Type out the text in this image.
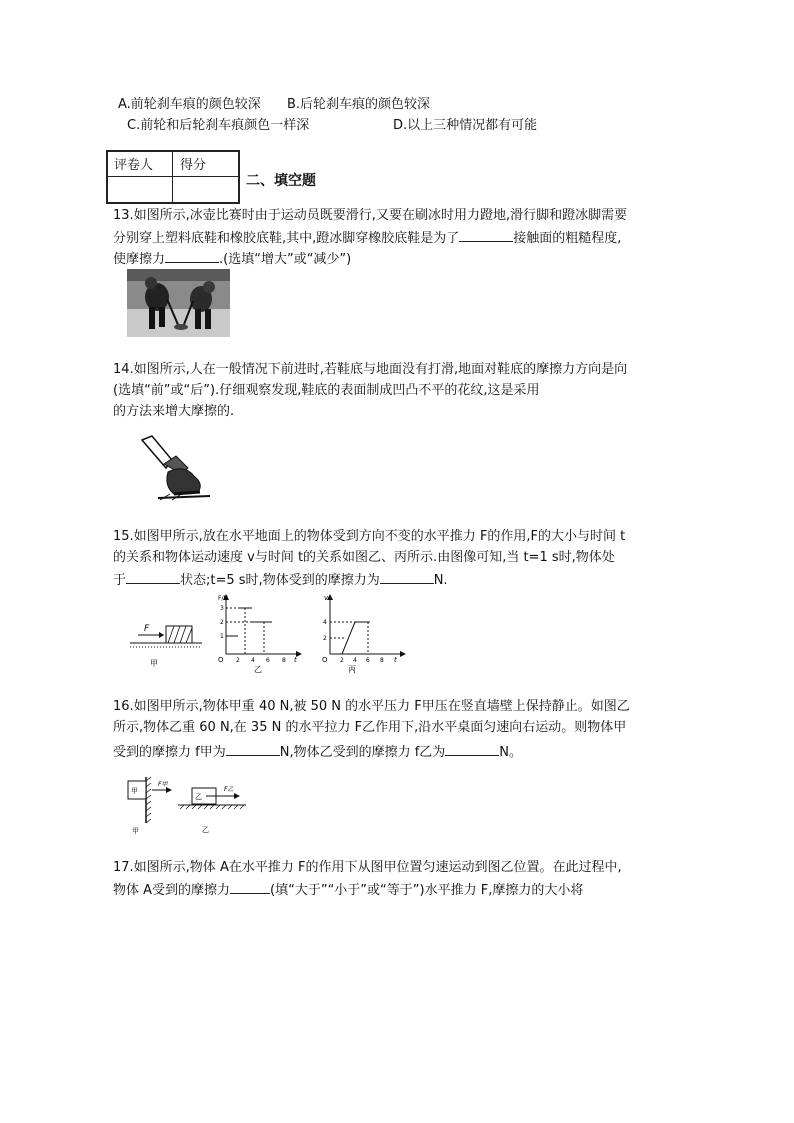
A.前轮刹车痕的颜色较深 B.后轮刹车痕的颜色较深
C.前轮和后轮刹车痕颜色一样深	D.以上三种情况都有可能
评卷人 得分
二、填空题
13.如图所示,冰壶比赛时由于运动员既要滑行,又要在刷冰时用力蹬地,滑行脚和蹬冰脚需要
分别穿上塑料底鞋和橡胶底鞋,其中,蹬冰脚穿橡胶底鞋是为了	接触面的粗糙程度,
使摩擦力	.(选填“增大”或“减少”)
14.如图所示,人在一般情况下前进时,若鞋底与地面没有打滑,地面对鞋底的摩擦力方向是向
(选填“前”或“后”).仔细观察发现,鞋底的表面制成凹凸不平的花纹,这是采用
的方法来增大摩擦的.
15.如图甲所示,放在水平地面上的物体受到方向不变的水平推力 F的作用,F的大小与时间 t
的关系和物体运动速度 v与时间 t的关系如图乙、丙所示.由图像可知,当 t=1 s时,物体处
于	状态;t=5 s时,物体受到的摩擦力为	N.
F
甲
F/N
3
2
1
O 2 4 6 8 t
乙
v
4
2
O 2 4 6 8 t
丙
16.如图甲所示,物体甲重 40 N,被 50 N 的水平压力 F甲压在竖直墙壁上保持静止。如图乙
所示,物体乙重 60 N,在 35 N 的水平拉力 F乙作用下,沿水平桌面匀速向右运动。则物体甲
受到的摩擦力 f甲为	N,物体乙受到的摩擦力 f乙为	N。
甲
F甲
甲
乙
F乙
乙
17.如图所示,物体 A在水平推力 F的作用下从图甲位置匀速运动到图乙位置。在此过程中,
物体 A受到的摩擦力	(填“大于”“小于”或“等于”)水平推力 F,摩擦力的大小将
